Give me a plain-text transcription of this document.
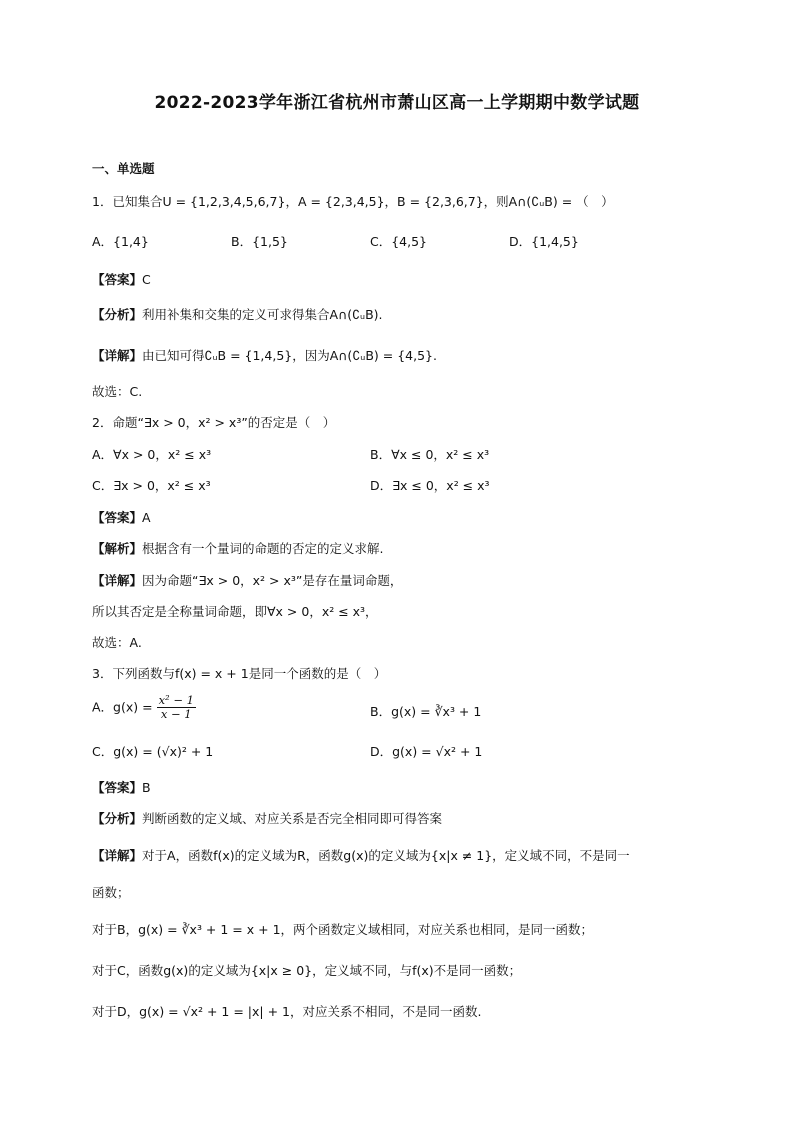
2022-2023学年浙江省杭州市萧山区高一上学期期中数学试题
一、单选题
1．已知集合U = {1,2,3,4,5,6,7}，A = {2,3,4,5}，B = {2,3,6,7}，则A∩(∁ᵤB) = （　）
A．{1,4}	B．{1,5}	C．{4,5}	D．{1,4,5}
【答案】C
【分析】利用补集和交集的定义可求得集合A∩(∁ᵤB).
【详解】由已知可得∁ᵤB = {1,4,5}，因为A∩(∁ᵤB) = {4,5}.
故选：C.
2．命题“∃x > 0，x² > x³”的否定是（　）
A．∀x > 0，x² ≤ x³	B．∀x ≤ 0，x² ≤ x³
C．∃x > 0，x² ≤ x³	D．∃x ≤ 0，x² ≤ x³
【答案】A
【解析】根据含有一个量词的命题的否定的定义求解.
【详解】因为命题“∃x > 0，x² > x³”是存在量词命题，
所以其否定是全称量词命题，即∀x > 0，x² ≤ x³，
故选：A.
3．下列函数与f(x) = x + 1是同一个函数的是（　）
A．$g(x) = \frac{\text{x² − 1}}{x - 1}$	B．g(x) = ∛x³ + 1
C．g(x) = (√x)² + 1	D．g(x) = √x² + 1
【答案】B
【分析】判断函数的定义域、对应关系是否完全相同即可得答案
【详解】对于A，函数f(x)的定义域为R，函数g(x)的定义域为{x|x ≠ 1}，定义域不同，不是同一
函数；
对于B，g(x) = ∛x³ + 1 = x + 1，两个函数定义域相同，对应关系也相同，是同一函数；
对于C，函数g(x)的定义域为{x|x ≥ 0}，定义域不同，与f(x)不是同一函数；
对于D，g(x) = √x² + 1 = |x| + 1，对应关系不相同，不是同一函数.
